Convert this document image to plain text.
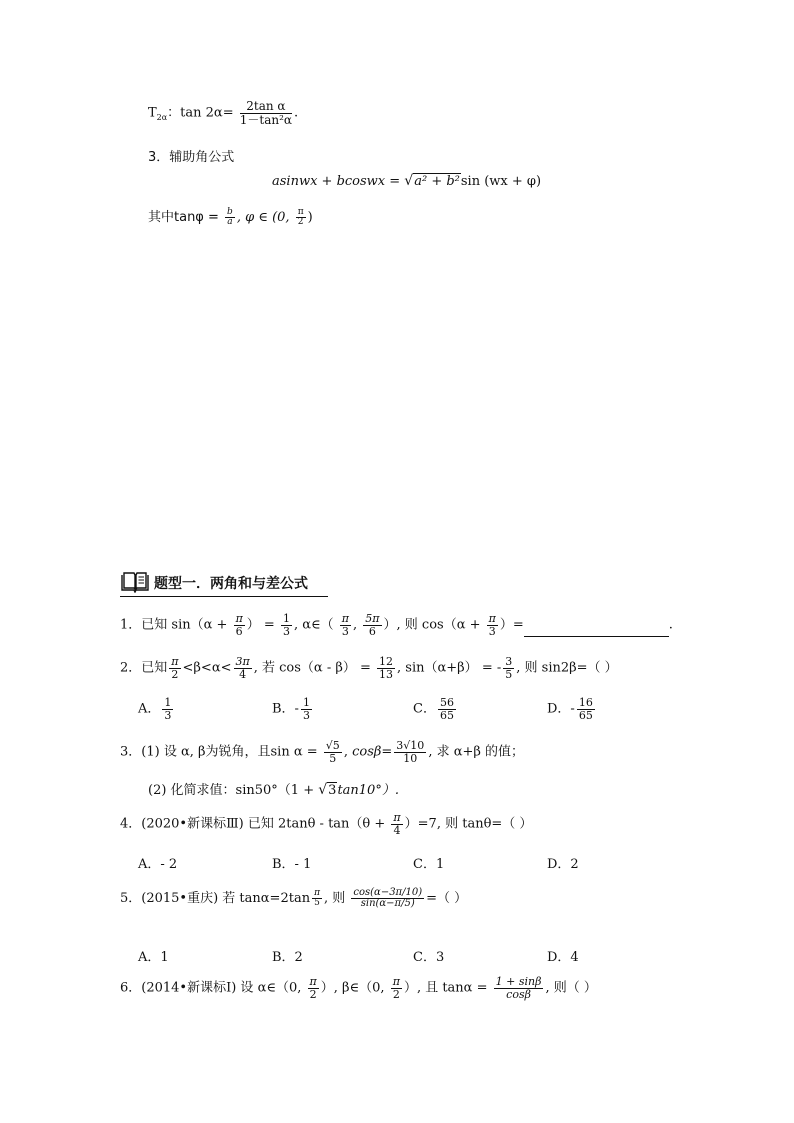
$T_{2\alpha}$：$\tan 2\alpha= \frac{\text{2tan α}}{\text{1－tan²α}}$ .
3．辅助角公式
asinwx + bcoswx = √a² + b²sin (wx + φ)
其中$\tan\varphi = \frac{b}{a}$ , φ ∈ (0, $\frac{\pi}{2}$ )
题型一．两角和与差公式
1．已知 $\sin(\alpha + \frac{\pi}{6}$ ） = $\frac{1}{3}$ , α∈（ $\frac{\pi}{3}$ , $\frac{5\pi}{6}$ ）, 则 $\cos(\alpha + \frac{\pi}{3}$ ）=	.
2．已知 $\frac{\pi}{2} <\beta<\alpha< \frac{3\pi}{4}$ , 若 $\cos(\alpha - \beta) = \frac{12}{13}$ , sin（α+β） = - $\frac{3}{5}$ , 则 sin2β=（ ）
A． $\frac{1}{3}$	B．- $\frac{1}{3}$	C． $\frac{56}{65}$	D．- $\frac{16}{65}$
3．(1) 设 α, β为锐角，且$\sin \alpha = \frac{√5}{5}$ , $\cos\beta= \frac{3√10}{10}$ , 求 α+β 的值；
(2) 化简求值：sin50°（1 + √3tan10°）.
4．(2020•新课标Ⅲ) 已知 $2\tan\theta - \tan(\theta + \frac{\pi}{4} )=7$, 则 tanθ=（ ）
A．- 2	B．- 1	C．1	D．2
5．(2015•重庆) 若 $\tan\alpha=2\tan \frac{\pi}{5}$ , 则 $\frac{\cos(\alpha-3\pi/10)}{\sin(\alpha-\pi/5)}$ =（ ）
A．1	B．2	C．3	D．4
6．(2014•新课标Ⅰ) 设 α∈（0, $\frac{\pi}{2}$ ）, β∈（0, $\frac{\pi}{2}$ ）, 且 $\tan\alpha = \frac{1 + \sin\beta}{\cos\beta}$ , 则（ ）
